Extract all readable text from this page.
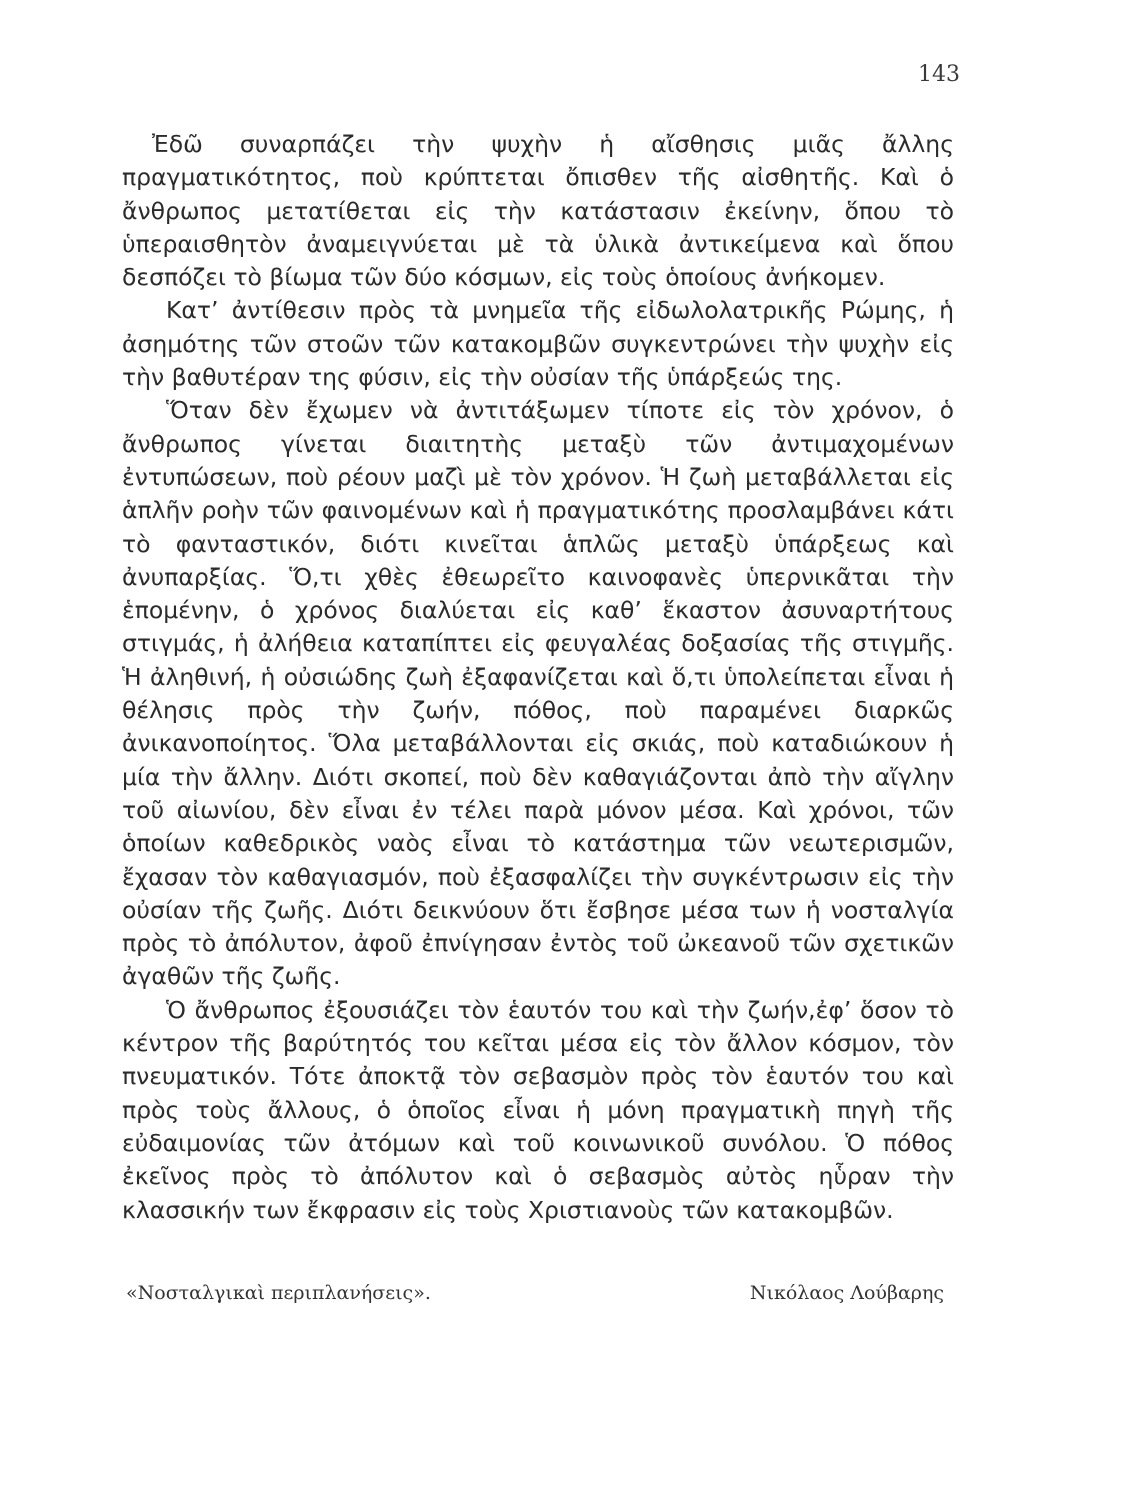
143

Ἐδῶ συναρπάζει τὴν ψυχὴν ἡ αἴσθησις μιᾶς ἄλλης πραγματικότητος, ποὺ κρύπτεται ὄπισθεν τῆς αἰσθητῆς. Καὶ ὁ ἄνθρωπος μετατίθεται εἰς τὴν κατάστασιν ἐκείνην, ὅπου τὸ ὑπεραισθητὸν ἀναμειγνύεται μὲ τὰ ὑλικὰ ἀντικείμενα καὶ ὅπου δεσπόζει τὸ βίωμα τῶν δύο κόσμων, εἰς τοὺς ὁποίους ἀνήκομεν.

Κατ’ ἀντίθεσιν πρὸς τὰ μνημεῖα τῆς εἰδωλολατρικῆς Ρώμης, ἡ ἀσημότης τῶν στοῶν τῶν κατακομβῶν συγκεντρώνει τὴν ψυχὴν εἰς τὴν βαθυτέραν της φύσιν, εἰς τὴν οὐσίαν τῆς ὑπάρξεώς της.

Ὅταν δὲν ἔχωμεν νὰ ἀντιτάξωμεν τίποτε εἰς τὸν χρόνον, ὁ ἄνθρωπος γίνεται διαιτητὴς μεταξὺ τῶν ἀντιμαχομένων ἐντυπώσεων, ποὺ ρέουν μαζὶ μὲ τὸν χρόνον. Ἡ ζωὴ μεταβάλλεται εἰς ἁπλῆν ροὴν τῶν φαινομένων καὶ ἡ πραγματικότης προσλαμβάνει κάτι τὸ φανταστικόν, διότι κινεῖται ἁπλῶς μεταξὺ ὑπάρξεως καὶ ἀνυπαρξίας. Ὅ,τι χθὲς ἐθεωρεῖτο καινοφανὲς ὑπερνικᾶται τὴν ἑπομένην, ὁ χρόνος διαλύεται εἰς καθ’ ἕκαστον ἀσυναρτήτους στιγμάς, ἡ ἀλήθεια καταπίπτει εἰς φευγαλέας δοξασίας τῆς στιγμῆς. Ἡ ἀληθινή, ἡ οὐσιώδης ζωὴ ἐξαφανίζεται καὶ ὅ,τι ὑπολείπεται εἶναι ἡ θέλησις πρὸς τὴν ζωήν, πόθος, ποὺ παραμένει διαρκῶς ἀνικανοποίητος. Ὅλα μεταβάλλονται εἰς σκιάς, ποὺ καταδιώκουν ἡ μία τὴν ἄλλην. Διότι σκοπεί, ποὺ δὲν καθαγιάζονται ἀπὸ τὴν αἴγλην τοῦ αἰωνίου, δὲν εἶναι ἐν τέλει παρὰ μόνον μέσα. Καὶ χρόνοι, τῶν ὁποίων καθεδρικὸς ναὸς εἶναι τὸ κατάστημα τῶν νεωτερισμῶν, ἔχασαν τὸν καθαγιασμόν, ποὺ ἐξασφαλίζει τὴν συγκέντρωσιν εἰς τὴν οὐσίαν τῆς ζωῆς. Διότι δεικνύουν ὅτι ἔσβησε μέσα των ἡ νοσταλγία πρὸς τὸ ἀπόλυτον, ἀφοῦ ἐπνίγησαν ἐντὸς τοῦ ὠκεανοῦ τῶν σχετικῶν ἀγαθῶν τῆς ζωῆς.

Ὁ ἄνθρωπος ἐξουσιάζει τὸν ἑαυτόν του καὶ τὴν ζωήν,ἐφ’ ὅσον τὸ κέντρον τῆς βαρύτητός του κεῖται μέσα εἰς τὸν ἄλλον κόσμον, τὸν πνευματικόν. Τότε ἀποκτᾷ τὸν σεβασμὸν πρὸς τὸν ἑαυτόν του καὶ πρὸς τοὺς ἄλλους, ὁ ὁποῖος εἶναι ἡ μόνη πραγματικὴ πηγὴ τῆς εὐδαιμονίας τῶν ἀτόμων καὶ τοῦ κοινωνικοῦ συνόλου. Ὁ πόθος ἐκεῖνος πρὸς τὸ ἀπόλυτον καὶ ὁ σεβασμὸς αὐτὸς ηὗραν τὴν κλασσικήν των ἔκφρασιν εἰς τοὺς Χριστιανοὺς τῶν κατακομβῶν.

«Νοσταλγικαὶ περιπλανήσεις».	Νικόλαος Λούβαρης
